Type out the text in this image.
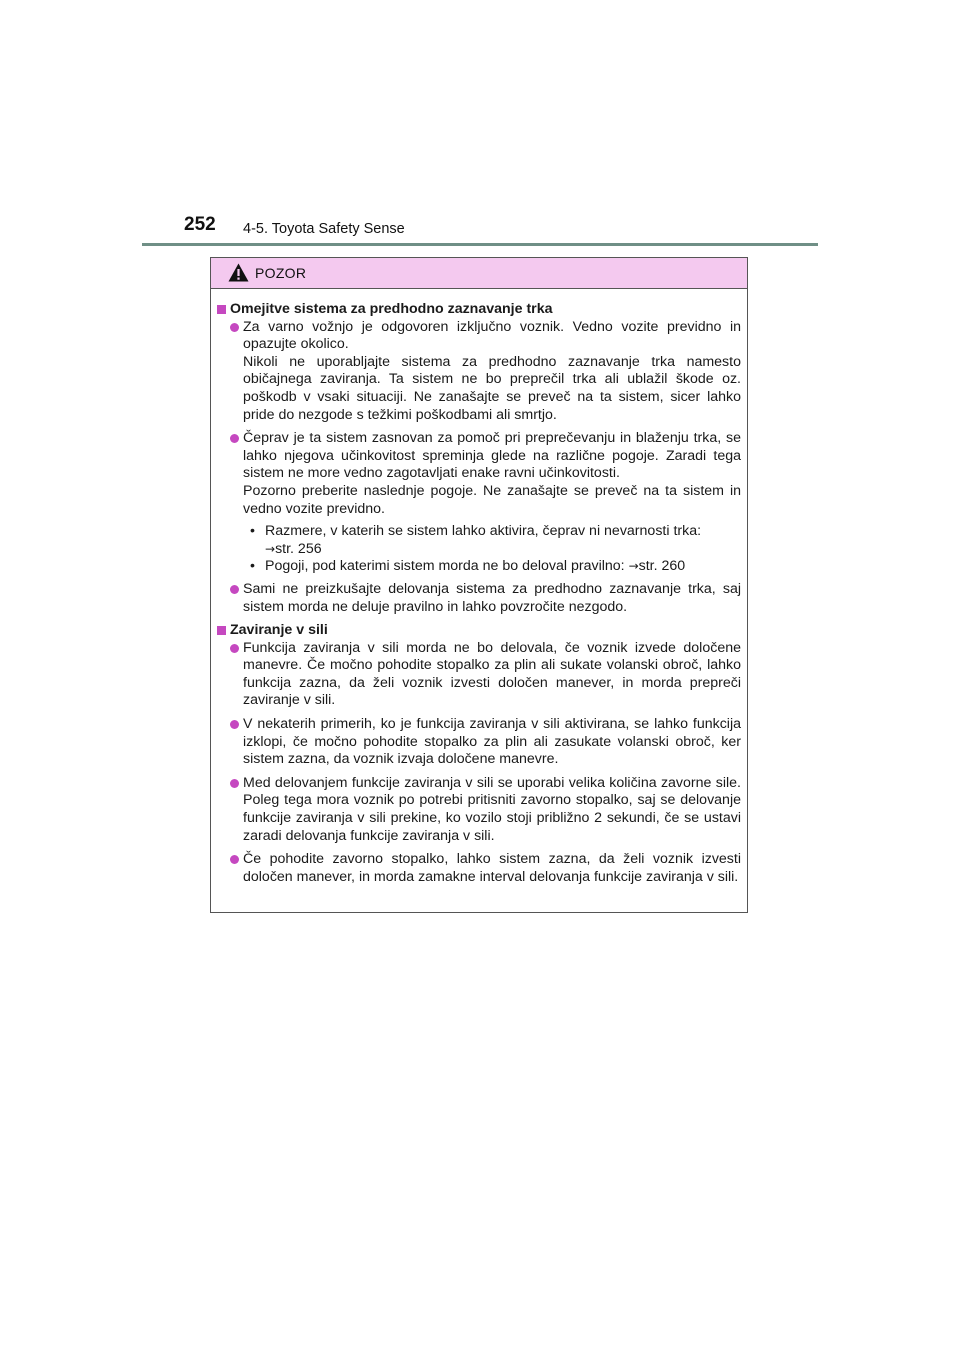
252 4-5. Toyota Safety Sense
POZOR
Omejitve sistema za predhodno zaznavanje trka
Za varno vožnjo je odgovoren izključno voznik. Vedno vozite previdno in opazujte okolico.
Nikoli ne uporabljajte sistema za predhodno zaznavanje trka namesto običajnega zaviranja. Ta sistem ne bo preprečil trka ali ublažil škode oz. poškodb v vsaki situaciji. Ne zanašajte se preveč na ta sistem, sicer lahko pride do nezgode s težkimi poškodbami ali smrtjo.
Čeprav je ta sistem zasnovan za pomoč pri preprečevanju in blaženju trka, se lahko njegova učinkovitost spreminja glede na različne pogoje. Zaradi tega sistem ne more vedno zagotavljati enake ravni učinkovitosti.
Pozorno preberite naslednje pogoje. Ne zanašajte se preveč na ta sistem in vedno vozite previdno.
• Razmere, v katerih se sistem lahko aktivira, čeprav ni nevarnosti trka:
→str. 256
• Pogoji, pod katerimi sistem morda ne bo deloval pravilno: →str. 260
Sami ne preizkušajte delovanja sistema za predhodno zaznavanje trka, saj sistem morda ne deluje pravilno in lahko povzročite nezgodo.
Zaviranje v sili
Funkcija zaviranja v sili morda ne bo delovala, če voznik izvede določene manevre. Če močno pohodite stopalko za plin ali sukate volanski obroč, lahko funkcija zazna, da želi voznik izvesti določen manever, in morda prepreči zaviranje v sili.
V nekaterih primerih, ko je funkcija zaviranja v sili aktivirana, se lahko funkcija izklopi, če močno pohodite stopalko za plin ali zasukate volanski obroč, ker sistem zazna, da voznik izvaja določene manevre.
Med delovanjem funkcije zaviranja v sili se uporabi velika količina zavorne sile. Poleg tega mora voznik po potrebi pritisniti zavorno stopalko, saj se delovanje funkcije zaviranja v sili prekine, ko vozilo stoji približno 2 sekundi, če se ustavi zaradi delovanja funkcije zaviranja v sili.
Če pohodite zavorno stopalko, lahko sistem zazna, da želi voznik izvesti določen manever, in morda zamakne interval delovanja funkcije zaviranja v sili.
